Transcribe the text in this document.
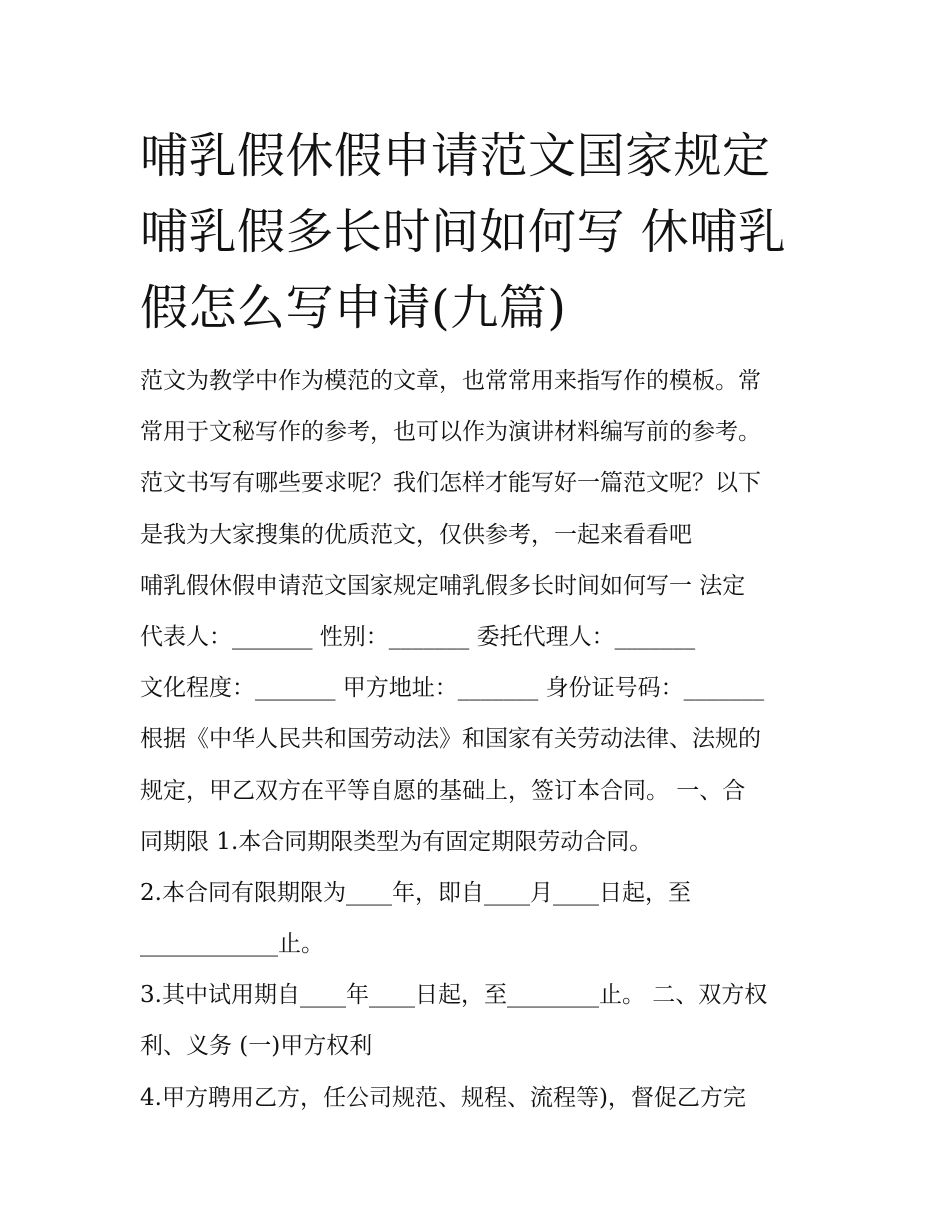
哺乳假休假申请范文国家规定
哺乳假多长时间如何写 休哺乳
假怎么写申请(九篇)
范文为教学中作为模范的文章，也常常用来指写作的模板。常
常用于文秘写作的参考，也可以作为演讲材料编写前的参考。
范文书写有哪些要求呢？我们怎样才能写好一篇范文呢？以下
是我为大家搜集的优质范文，仅供参考，一起来看看吧
哺乳假休假申请范文国家规定哺乳假多长时间如何写一 法定
代表人：_______ 性别：_______ 委托代理人：_______
文化程度：_______ 甲方地址：_______ 身份证号码：_______
根据《中华人民共和国劳动法》和国家有关劳动法律、法规的
规定，甲乙双方在平等自愿的基础上，签订本合同。 一、合
同期限 1.本合同期限类型为有固定期限劳动合同。
2.本合同有限期限为____年，即自____月____日起，至
____________止。
3.其中试用期自____年____日起，至________止。 二、双方权
利、义务 (一)甲方权利
4.甲方聘用乙方，任公司规范、规程、流程等)，督促乙方完
